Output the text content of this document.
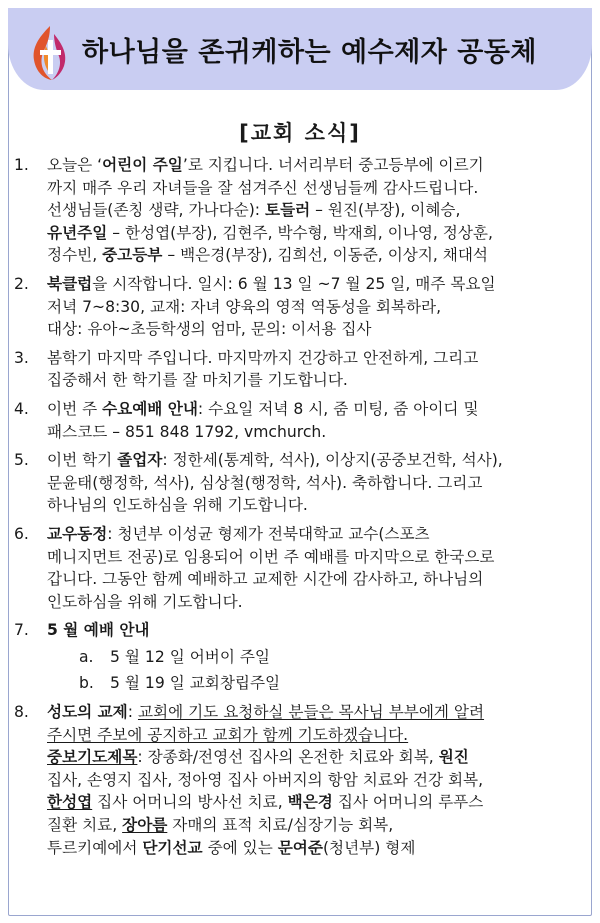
하나님을 존귀케하는 예수제자 공동체
[교회 소식]
1.	오늘은 ‘어린이 주일’로 지킵니다. 너서리부터 중고등부에 이르기
까지 매주 우리 자녀들을 잘 섬겨주신 선생님들께 감사드립니다.
선생님들(존칭 생략, 가나다순): 토들러 – 원진(부장), 이혜승,
유년주일 – 한성엽(부장), 김현주, 박수형, 박재희, 이나영, 정상훈,
정수빈, 중고등부 – 백은경(부장), 김희선, 이동준, 이상지, 채대석
2.	북클럽을 시작합니다. 일시: 6 월 13 일 ~7 월 25 일, 매주 목요일
저녁 7~8:30, 교재: 자녀 양육의 영적 역동성을 회복하라,
대상: 유아~초등학생의 엄마, 문의: 이서용 집사
3.	봄학기 마지막 주입니다. 마지막까지 건강하고 안전하게, 그리고
집중해서 한 학기를 잘 마치기를 기도합니다.
4.	이번 주 수요예배 안내: 수요일 저녁 8 시, 줌 미팅, 줌 아이디 및
패스코드 – 851 848 1792, vmchurch.
5.	이번 학기 졸업자: 정한세(통계학, 석사), 이상지(공중보건학, 석사),
문윤태(행정학, 석사), 심상철(행정학, 석사). 축하합니다. 그리고
하나님의 인도하심을 위해 기도합니다.
6.	교우동정: 청년부 이성균 형제가 전북대학교 교수(스포츠
메니지먼트 전공)로 임용되어 이번 주 예배를 마지막으로 한국으로
갑니다. 그동안 함께 예배하고 교제한 시간에 감사하고, 하나님의
인도하심을 위해 기도합니다.
7.	5 월 예배 안내
a.	5 월 12 일 어버이 주일
b.	5 월 19 일 교회창립주일
8.	성도의 교제: 교회에 기도 요청하실 분들은 목사님 부부에게 알려
주시면 주보에 공지하고 교회가 함께 기도하겠습니다.
중보기도제목: 장종화/전영선 집사의 온전한 치료와 회복, 원진
집사, 손영지 집사, 정아영 집사 아버지의 항암 치료와 건강 회복,
한성엽 집사 어머니의 방사선 치료, 백은경 집사 어머니의 루푸스
질환 치료, 장아름 자매의 표적 치료/심장기능 회복,
투르키예에서 단기선교 중에 있는 문여준(청년부) 형제
